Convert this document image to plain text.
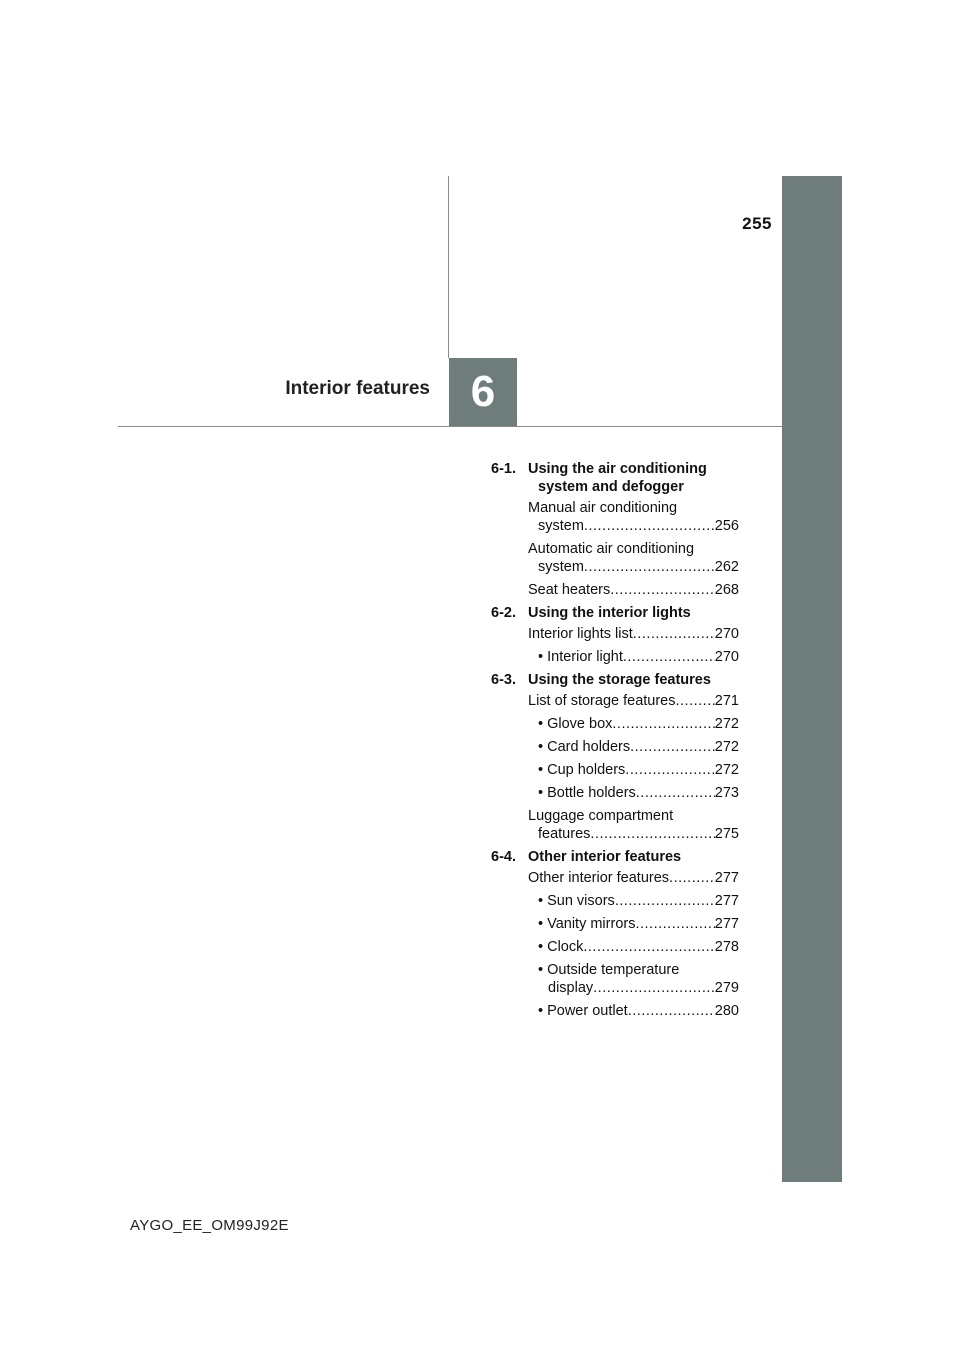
255
6
Interior features
6-1. Using the air conditioning
system and defogger
Manual air conditioning
system .....	256
Automatic air conditioning
system .....	262
Seat heaters .....	268
6-2. Using the interior lights
Interior lights list .....	270
• Interior light .....	270
6-3. Using the storage features
List of storage features .....	271
• Glove box .....	272
• Card holders .....	272
• Cup holders .....	272
• Bottle holders .....	273
Luggage compartment
features .....	275
6-4. Other interior features
Other interior features .....	277
• Sun visors .....	277
• Vanity mirrors .....	277
• Clock .....	278
• Outside temperature
display .....	279
• Power outlet .....	280
AYGO_EE_OM99J92E
